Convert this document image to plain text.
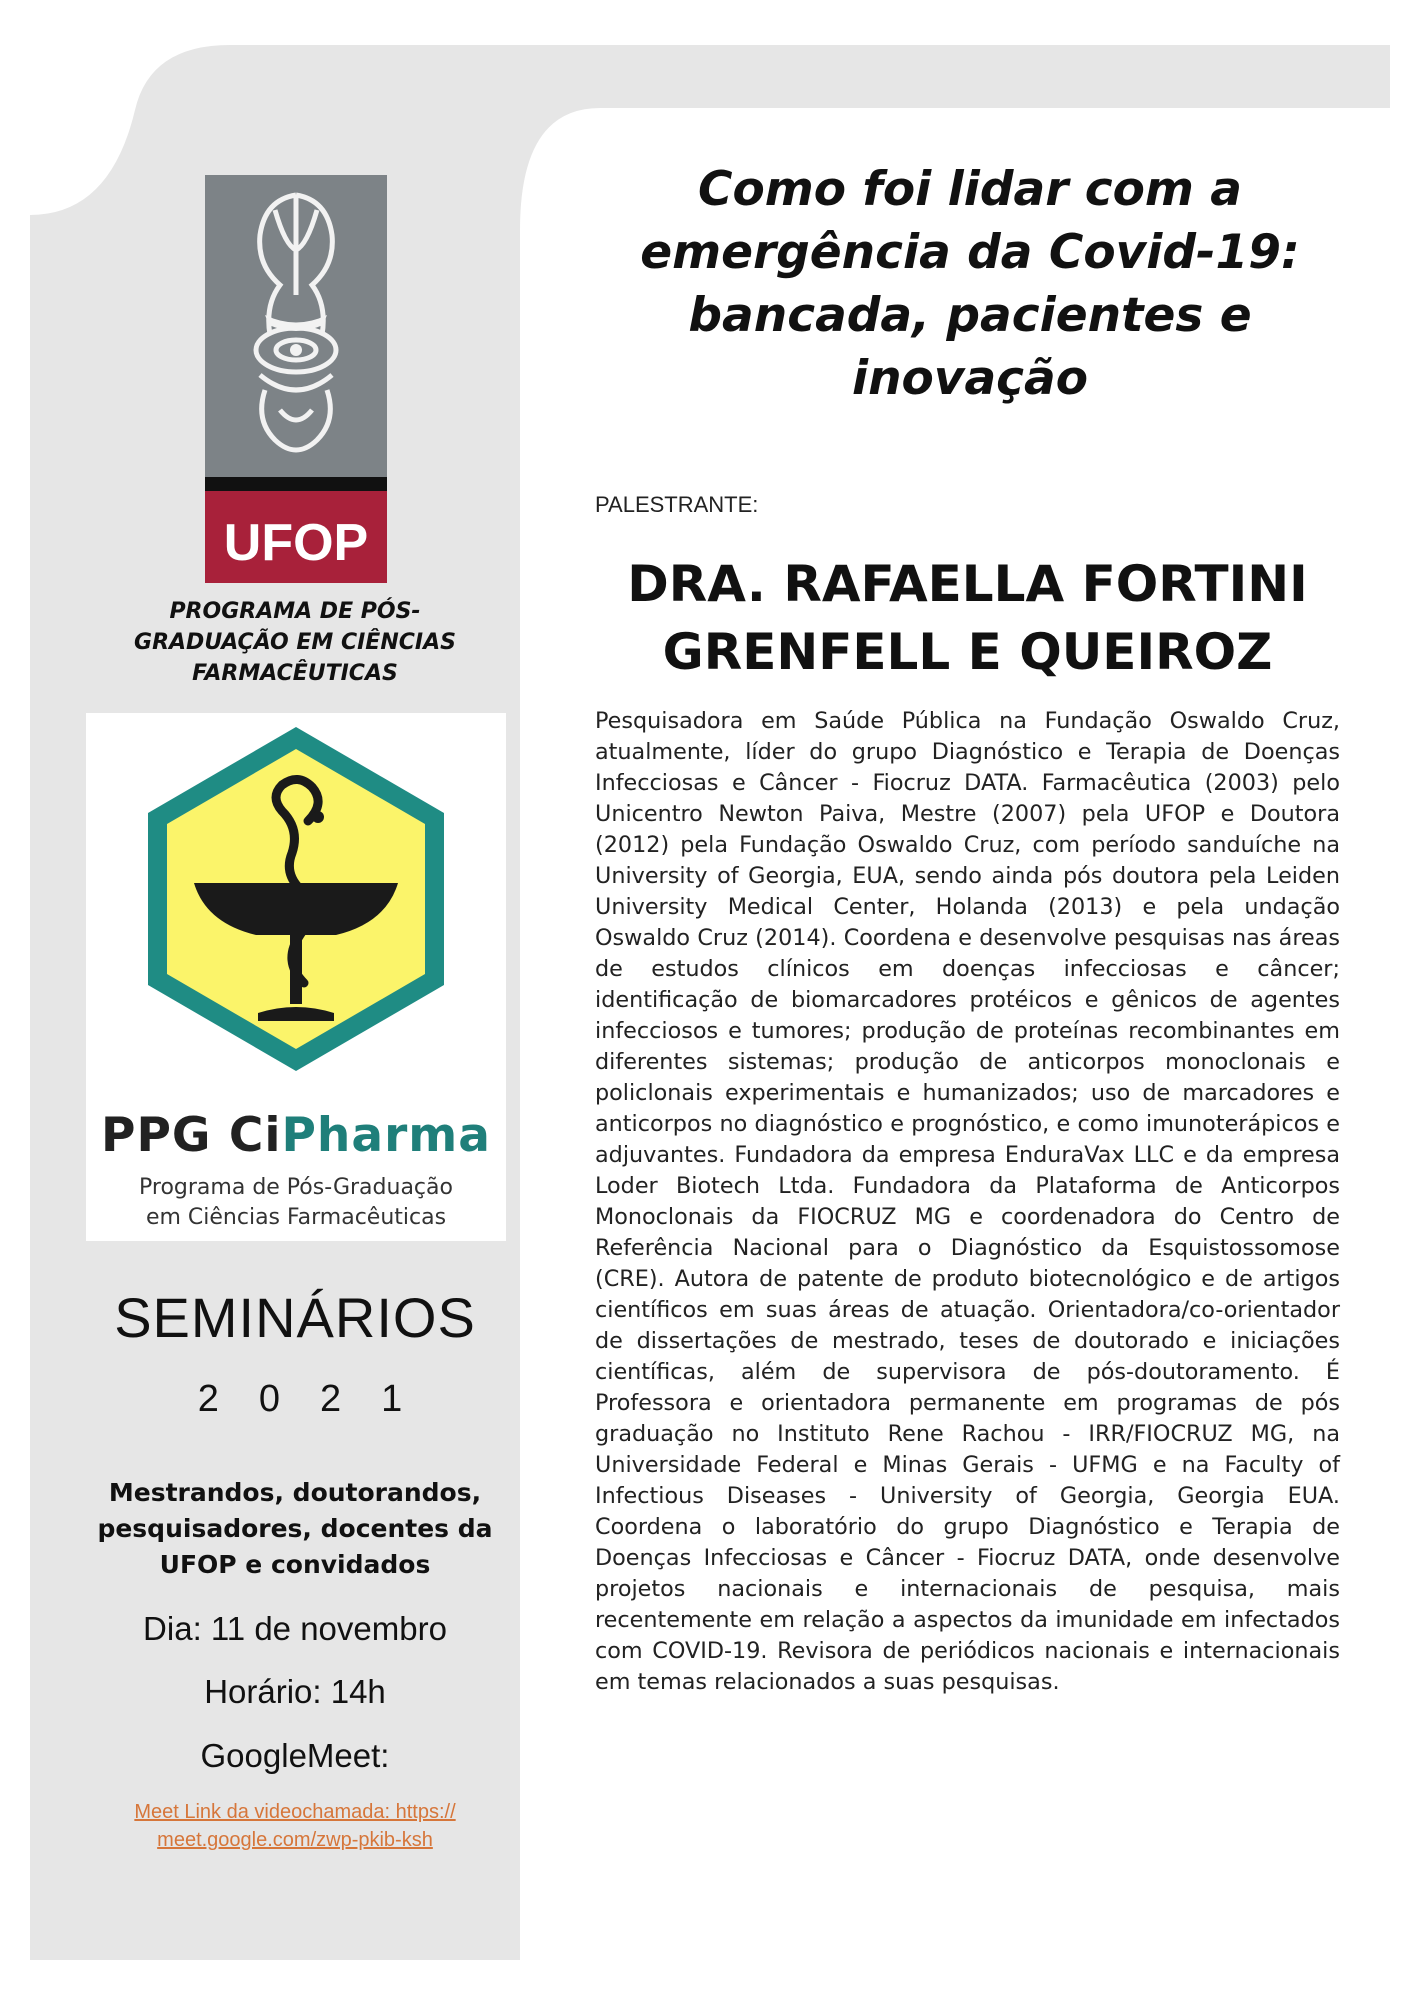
UFOP
PROGRAMA DE PÓS-GRADUAÇÃO EM CIÊNCIAS FARMACÊUTICAS
PPG CiPharma
Programa de Pós-Graduação
em Ciências Farmacêuticas
SEMINÁRIOS
2021
Mestrandos, doutorandos, pesquisadores, docentes da UFOP e convidados
Dia: 11 de novembro
Horário: 14h
GoogleMeet:
Meet Link da videochamada: https://
meet.google.com/zwp-pkib-ksh
Como foi lidar com a emergência da Covid-19: bancada, pacientes e inovação
PALESTRANTE:
DRA. RAFAELLA FORTINI GRENFELL E QUEIROZ
Pesquisadora em Saúde Pública na Fundação Oswaldo Cruz, atualmente, líder do grupo Diagnóstico e Terapia de Doenças Infecciosas e Câncer - Fiocruz DATA. Farmacêutica (2003) pelo Unicentro Newton Paiva, Mestre (2007) pela UFOP e Doutora (2012) pela Fundação Oswaldo Cruz, com período sanduíche na University of Georgia, EUA, sendo ainda pós doutora pela Leiden University Medical Center, Holanda (2013) e pela undação Oswaldo Cruz (2014). Coordena e desenvolve pesquisas nas áreas de estudos clínicos em doenças infecciosas e câncer; identificação de biomarcadores protéicos e gênicos de agentes infecciosos e tumores; produção de proteínas recombinantes em diferentes sistemas; produção de anticorpos monoclonais e policlonais experimentais e humanizados; uso de marcadores e anticorpos no diagnóstico e prognóstico, e como imunoterápicos e adjuvantes. Fundadora da empresa EnduraVax LLC e da empresa Loder Biotech Ltda. Fundadora da Plataforma de Anticorpos Monoclonais da FIOCRUZ MG e coordenadora do Centro de Referência Nacional para o Diagnóstico da Esquistossomose (CRE). Autora de patente de produto biotecnológico e de artigos científicos em suas áreas de atuação. Orientadora/co-orientador de dissertações de mestrado, teses de doutorado e iniciações científicas, além de supervisora de pós-doutoramento. É Professora e orientadora permanente em programas de pós graduação no Instituto Rene Rachou - IRR/FIOCRUZ MG, na Universidade Federal e Minas Gerais - UFMG e na Faculty of Infectious Diseases - University of Georgia, Georgia EUA. Coordena o laboratório do grupo Diagnóstico e Terapia de Doenças Infecciosas e Câncer - Fiocruz DATA, onde desenvolve projetos nacionais e internacionais de pesquisa, mais recentemente em relação a aspectos da imunidade em infectados com COVID-19. Revisora de periódicos nacionais e internacionais em temas relacionados a suas pesquisas.
